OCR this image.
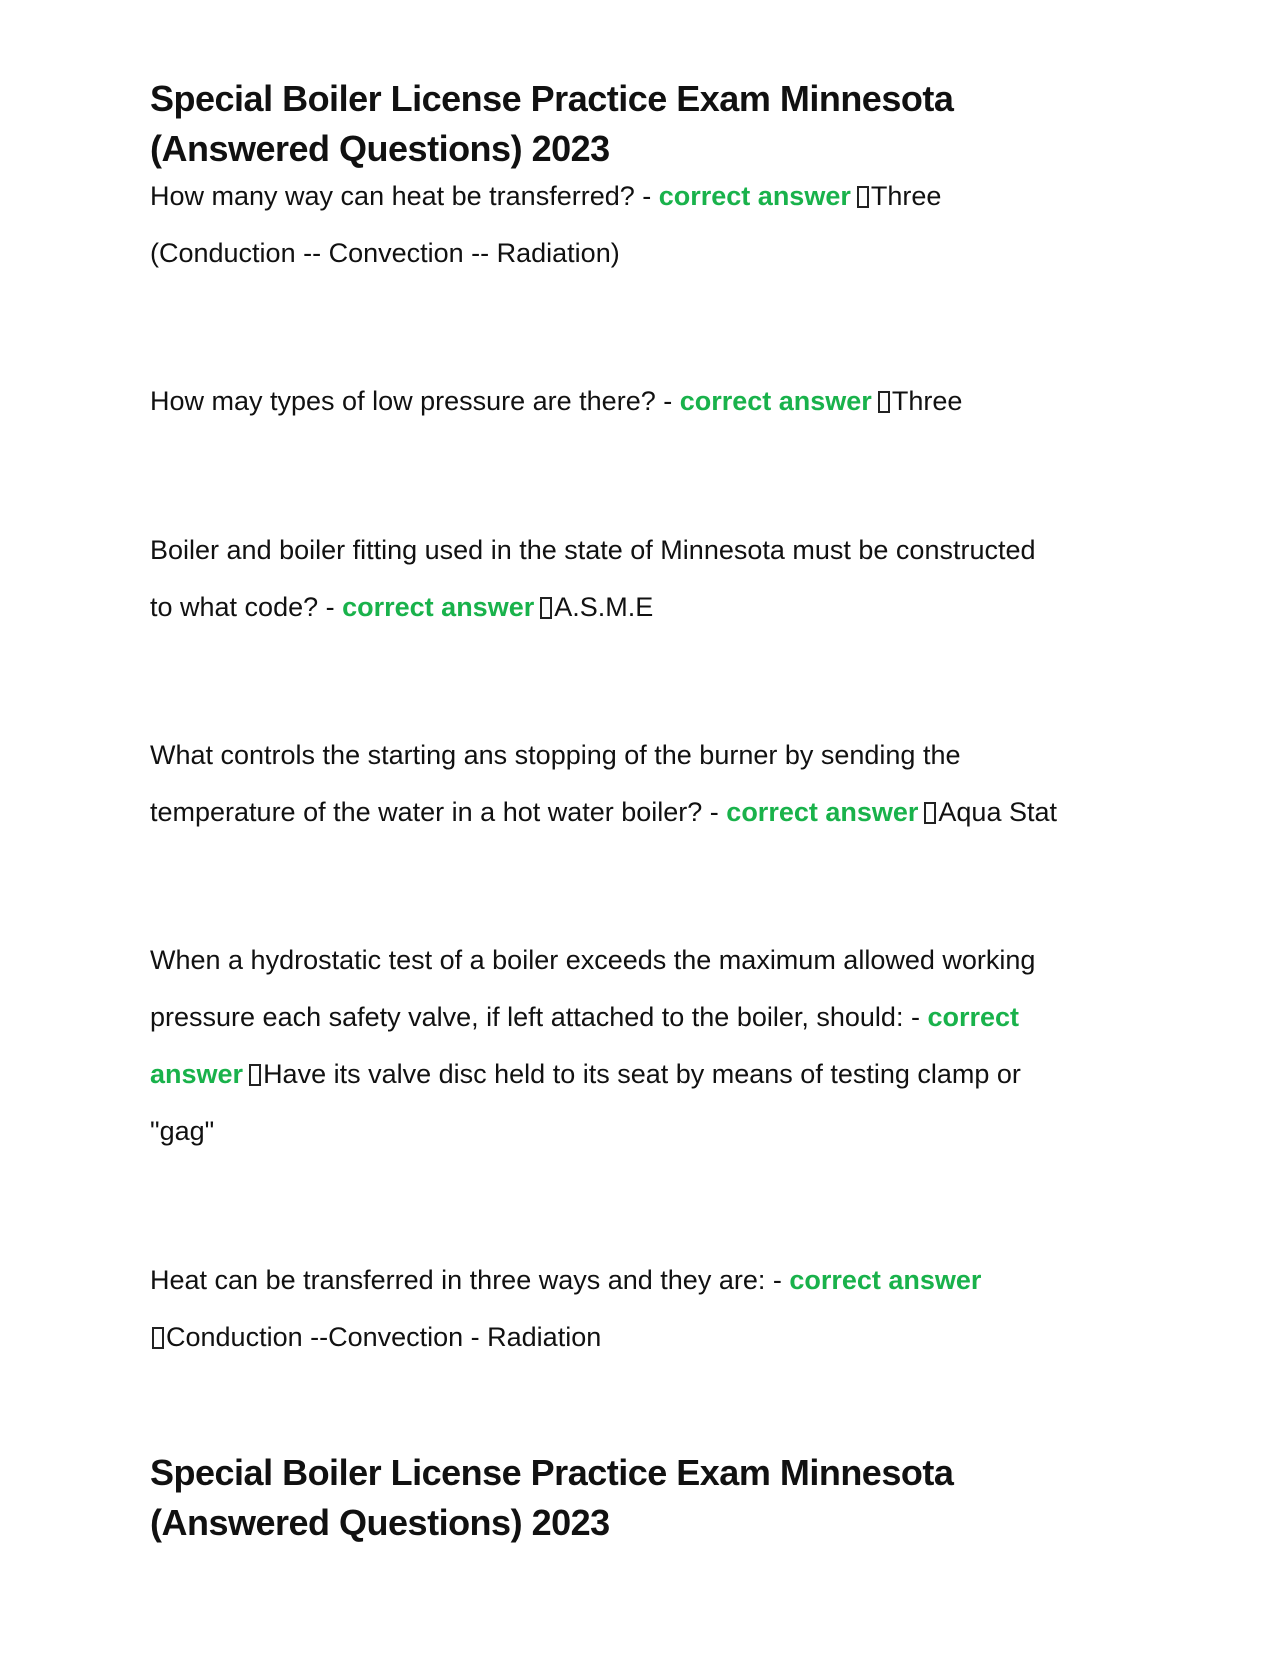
Special Boiler License Practice Exam Minnesota
(Answered Questions) 2023
How many way can heat be transferred? - correct answer Three
(Conduction -- Convection -- Radiation)
How may types of low pressure are there? - correct answer Three
Boiler and boiler fitting used in the state of Minnesota must be constructed
to what code? - correct answer A.S.M.E
What controls the starting ans stopping of the burner by sending the
temperature of the water in a hot water boiler? - correct answer Aqua Stat
When a hydrostatic test of a boiler exceeds the maximum allowed working
pressure each safety valve, if left attached to the boiler, should: - correct
answer Have its valve disc held to its seat by means of testing clamp or
"gag"
Heat can be transferred in three ways and they are: - correct answer
Conduction --Convection - Radiation
Special Boiler License Practice Exam Minnesota
(Answered Questions) 2023
